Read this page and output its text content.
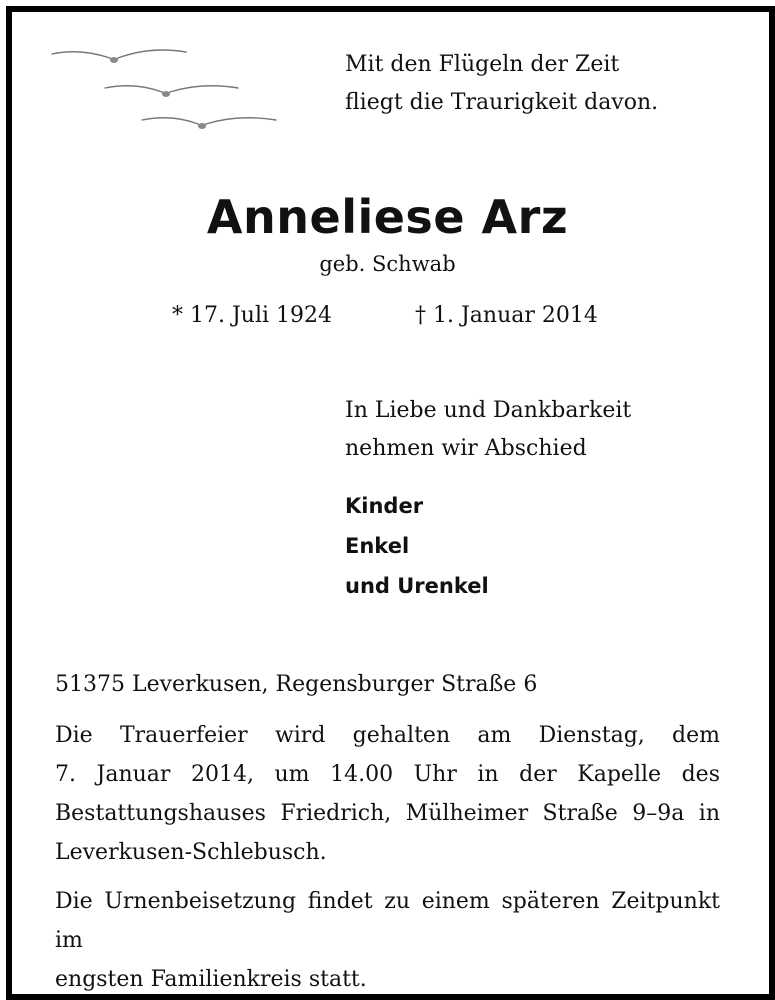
Mit den Flügeln der Zeit
fliegt die Traurigkeit davon.
Anneliese Arz
geb. Schwab
* 17. Juli 1924	† 1. Januar 2014
In Liebe und Dankbarkeit
nehmen wir Abschied
Kinder
Enkel
und Urenkel
51375 Leverkusen, Regensburger Straße 6
Die Trauerfeier wird gehalten am Dienstag, dem
7. Januar 2014, um 14.00 Uhr in der Kapelle des
Bestattungshauses Friedrich, Mülheimer Straße 9–9a in
Leverkusen-Schlebusch.
Die Urnenbeisetzung findet zu einem späteren Zeitpunkt im
engsten Familienkreis statt.
